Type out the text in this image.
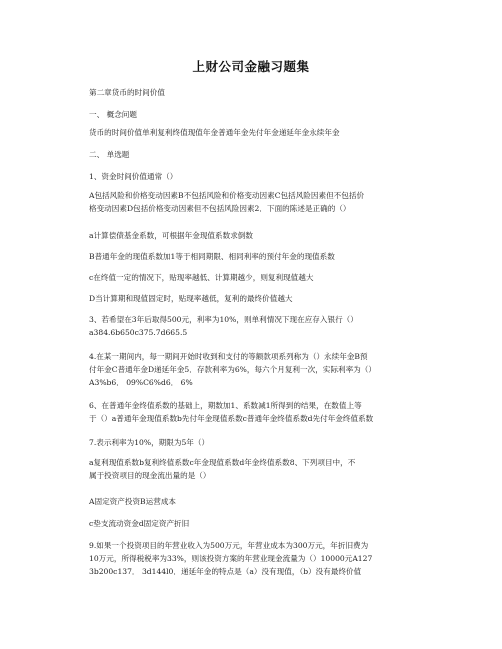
上财公司金融习题集
第二章货币的时间价值
一、 概念问题
货币的时间价值单利复利终值现值年金普通年金先付年金递延年金永续年金
二、 单选题
1、资金时间价值通常（）
A包括风险和价格变动因素B不包括风险和价格变动因素C包括风险因素但不包括价
格变动因素D包括价格变动因素但不包括风险因素2．下面的陈述是正确的（）
a计算偿债基金系数，可根据年金现值系数求倒数
B普通年金的现值系数加1等于相同期限、相同利率的预付年金的现值系数
c在终值一定的情况下，贴现率越低、计算期越少，则复利现值越大
D当计算期和现值固定时，贴现率越低，复利的最终价值越大
3、若希望在3年后取得500元，利率为10%，则单利情况下现在应存入银行（）
a384.6b650c375.7d665.5
4.在某一期间内，每一期间开始时收到和支付的等额款项系列称为（）永续年金B预
付年金C普通年金D递延年金5．存款利率为6%，每六个月复利一次，实际利率为（）
A3%b6． 09%C6%d6． 6%
6、在普通年金终值系数的基础上，期数加1、系数减1所得到的结果，在数值上等
于（）a普通年金现值系数b先付年金现值系数c普通年金终值系数d先付年金终值系数
7.表示利率为10%，期限为5年（）
a复利现值系数b复利终值系数c年金现值系数d年金终值系数8、下列项目中，不
属于投资项目的现金流出量的是（）
A固定资产投资B运营成本
c垫支流动资金d固定资产折旧
9.如果一个投资项目的年营业收入为500万元，年营业成本为300万元，年折旧费为
10万元，所得税税率为33%，则该投资方案的年营业现金流量为（）10000元A127
3b200c137． 3d144l0．递延年金的特点是（a）没有现值，（b）没有最终价值
